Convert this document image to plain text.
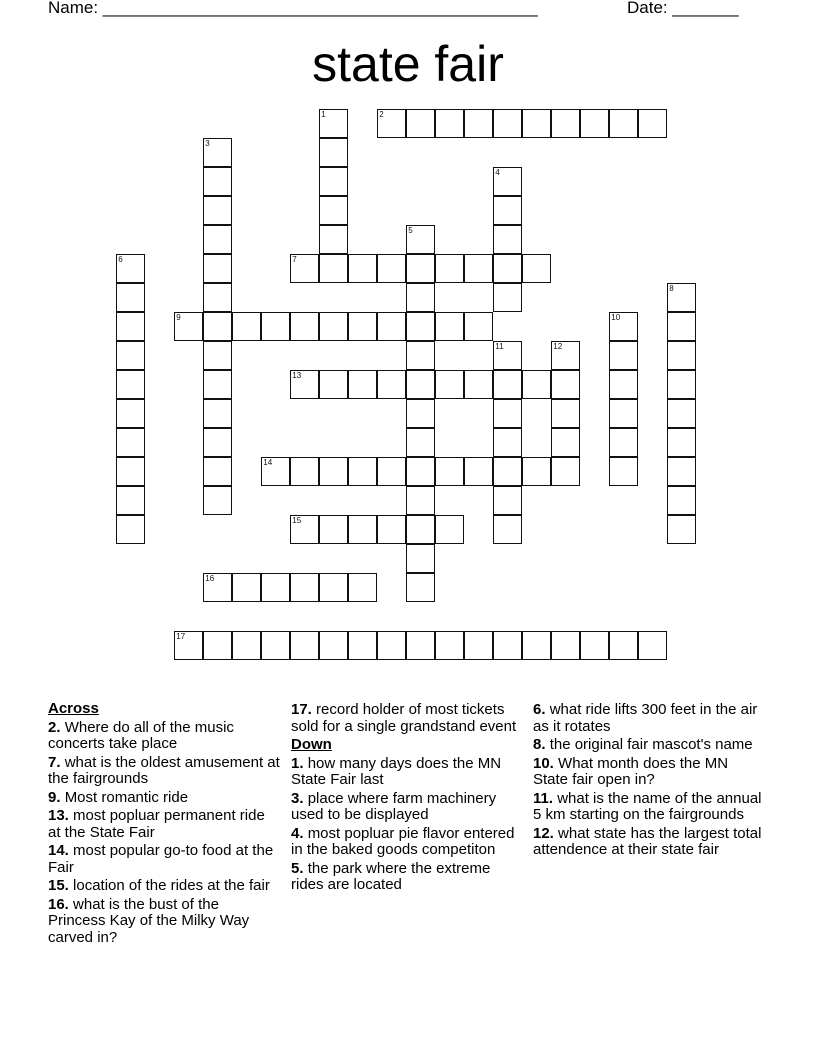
Name: ______________________________________________	Date: _______
state fair
1	2
3
4
5
6	7
8
9	10
11	12
13
14
15
16
17
Across
2. Where do all of the music concerts take place
7. what is the oldest amusement at the fairgrounds
9. Most romantic ride
13. most popluar permanent ride at the State Fair
14. most popular go-to food at the Fair
15. location of the rides at the fair
16. what is the bust of the Princess Kay of the Milky Way carved in?
17. record holder of most tickets sold for a single grandstand event
Down
1. how many days does the MN State Fair last
3. place where farm machinery used to be displayed
4. most popluar pie flavor entered in the baked goods competiton
5. the park where the extreme rides are located
6. what ride lifts 300 feet in the air as it rotates
8. the original fair mascot's name
10. What month does the MN State fair open in?
11. what is the name of the annual 5 km starting on the fairgrounds
12. what state has the largest total attendence at their state fair
